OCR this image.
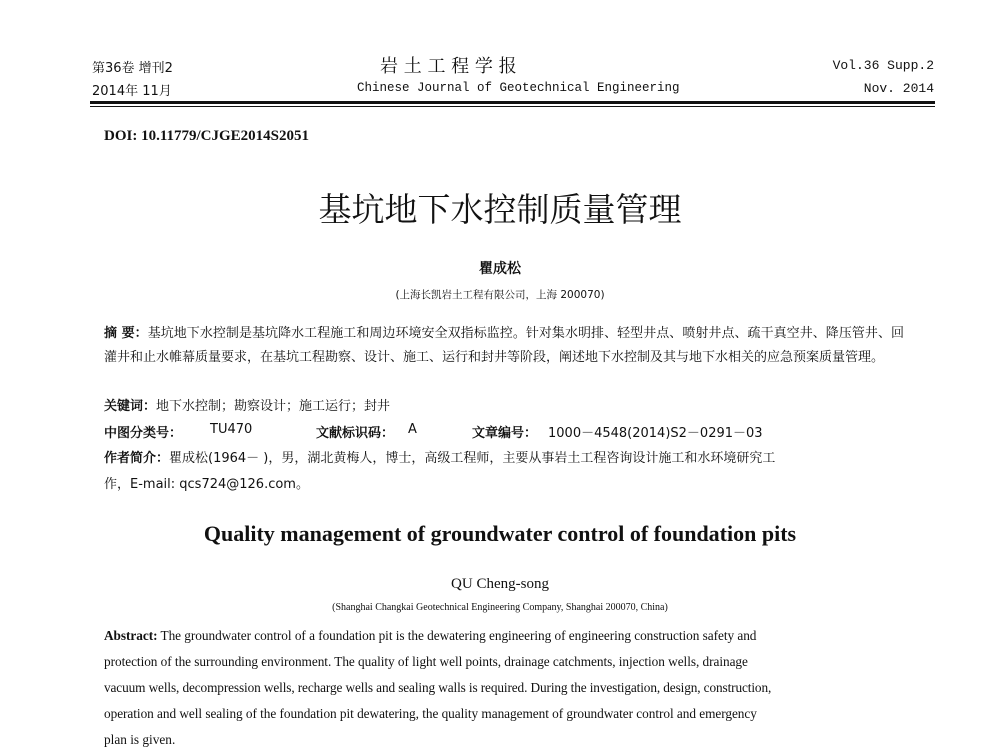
第36卷 增刊2
2014年 11月
岩 土 工 程 学 报
Chinese Journal of Geotechnical Engineering
Vol.36 Supp.2
Nov. 2014
DOI: 10.11779/CJGE2014S2051
基坑地下水控制质量管理
瞿成松
(上海长凯岩土工程有限公司，上海 200070)
摘 要：基坑地下水控制是基坑降水工程施工和周边环境安全双指标监控。针对集水明排、轻型井点、喷射井点、疏干真空井、降压管井、回灌井和止水帷幕质量要求，在基坑工程勘察、设计、施工、运行和封井等阶段，阐述地下水控制及其与地下水相关的应急预案质量管理。
关键词：地下水控制；勘察设计；施工运行；封井
中图分类号： TU470	文献标识码： A	文章编号： 1000－4548(2014)S2－0291－03
作者简介：瞿成松(1964－ )，男，湖北黄梅人，博士，高级工程师，主要从事岩土工程咨询设计施工和水环境研究工
作，E-mail: qcs724@126.com。
Quality management of groundwater control of foundation pits
QU Cheng-song
(Shanghai Changkai Geotechnical Engineering Company, Shanghai 200070, China)
Abstract: The groundwater control of a foundation pit is the dewatering engineering of engineering construction safety and
protection of the surrounding environment. The quality of light well points, drainage catchments, injection wells, drainage
vacuum wells, decompression wells, recharge wells and sealing walls is required. During the investigation, design, construction,
operation and well sealing of the foundation pit dewatering, the quality management of groundwater control and emergency
plan is given.
